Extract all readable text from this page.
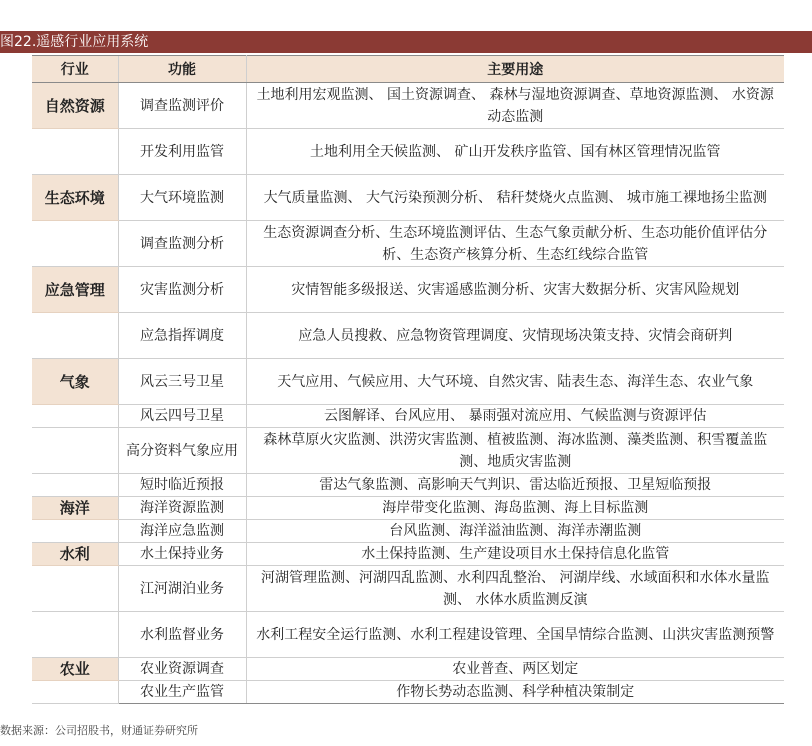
图22.遥感行业应用系统
行业	功能	主要用途
自然资源	调查监测评价	土地利用宏观监测、 国土资源调查、 森林与湿地资源调查、草地资源监测、 水资源动态监测
	开发利用监管	土地利用全天候监测、 矿山开发秩序监管、国有林区管理情况监管
生态环境	大气环境监测	大气质量监测、 大气污染预测分析、 秸秆焚烧火点监测、 城市施工裸地扬尘监测
	调查监测分析	生态资源调查分析、生态环境监测评估、生态气象贡献分析、生态功能价值评估分析、生态资产核算分析、生态红线综合监管
应急管理	灾害监测分析	灾情智能多级报送、灾害遥感监测分析、灾害大数据分析、灾害风险规划
	应急指挥调度	应急人员搜救、应急物资管理调度、灾情现场决策支持、灾情会商研判
气象	风云三号卫星	天气应用、气候应用、大气环境、自然灾害、陆表生态、海洋生态、农业气象
	风云四号卫星	云图解译、台风应用、 暴雨强对流应用、气候监测与资源评估
	高分资料气象应用	森林草原火灾监测、洪涝灾害监测、植被监测、海冰监测、藻类监测、积雪覆盖监测、地质灾害监测
	短时临近预报	雷达气象监测、高影响天气判识、雷达临近预报、卫星短临预报
海洋	海洋资源监测	海岸带变化监测、海岛监测、海上目标监测
	海洋应急监测	台风监测、海洋溢油监测、海洋赤潮监测
水利	水土保持业务	水土保持监测、生产建设项目水土保持信息化监管
	江河湖泊业务	河湖管理监测、河湖四乱监测、水利四乱整治、 河湖岸线、水域面积和水体水量监测、 水体水质监测反演
	水利监督业务	水利工程安全运行监测、水利工程建设管理、全国旱情综合监测、山洪灾害监测预警
农业	农业资源调查	农业普查、两区划定
	农业生产监管	作物长势动态监测、科学种植决策制定
数据来源：公司招股书，财通证券研究所
